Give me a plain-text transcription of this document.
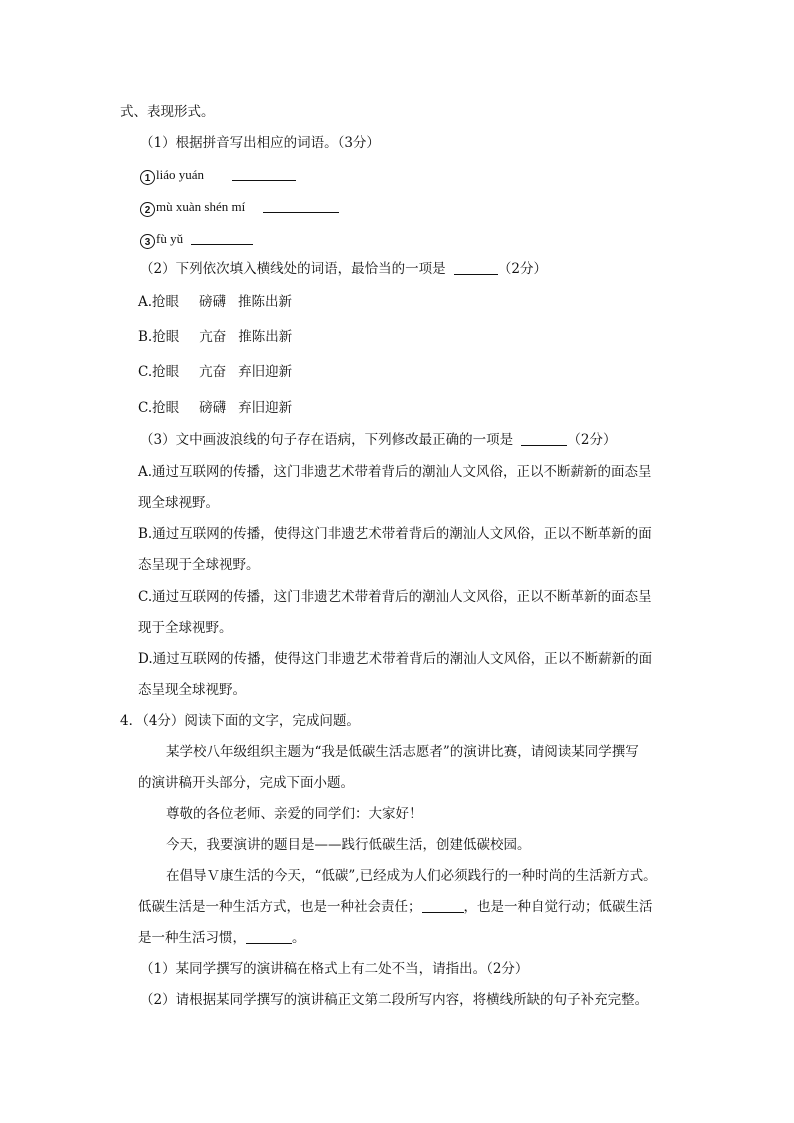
式、表现形式。
（1）根据拼音写出相应的词语。（3分）
1 liáo yuán
2 mù xuàn shén mí
3 fù yǔ
（2）下列依次填入横线处的词语，最恰当的一项是	（2分）
A.抢眼 磅礴 推陈出新
B.抢眼 亢奋 推陈出新
C.抢眼 亢奋 弃旧迎新
C.抢眼 磅礴 弃旧迎新
（3）文中画波浪线的句子存在语病，下列修改最正确的一项是	（2分）
A.通过互联网的传播，这门非遗艺术带着背后的潮汕人文风俗，正以不断薪新的面态呈
现全球视野。
B.通过互联网的传播，使得这门非遗艺术带着背后的潮汕人文风俗，正以不断革新的面
态呈现于全球视野。
C.通过互联网的传播，这门非遗艺术带着背后的潮汕人文风俗，正以不断革新的面态呈
现于全球视野。
D.通过互联网的传播，使得这门非遗艺术带着背后的潮汕人文风俗，正以不断薪新的面
态呈现全球视野。
4．（4分）阅读下面的文字，完成问题。
某学校八年级组织主题为“我是低碳生活志愿者”的演讲比赛，请阅读某同学撰写
的演讲稿开头部分，完成下面小题。
尊敬的各位老师、亲爱的同学们：大家好！
今天，我要演讲的题目是——践行低碳生活，创建低碳校园。
在倡导Ｖ康生活的今天，“低碳”,已经成为人们必须践行的一种时尚的生活新方式。
低碳生活是一种生活方式，也是一种社会责任；	，也是一种自觉行动；低碳生活
是一种生活习惯，	。
（1）某同学撰写的演讲稿在格式上有二处不当，请指出。（2分）
（2）请根据某同学撰写的演讲稿正文第二段所写内容，将横线所缺的句子补充完整。
